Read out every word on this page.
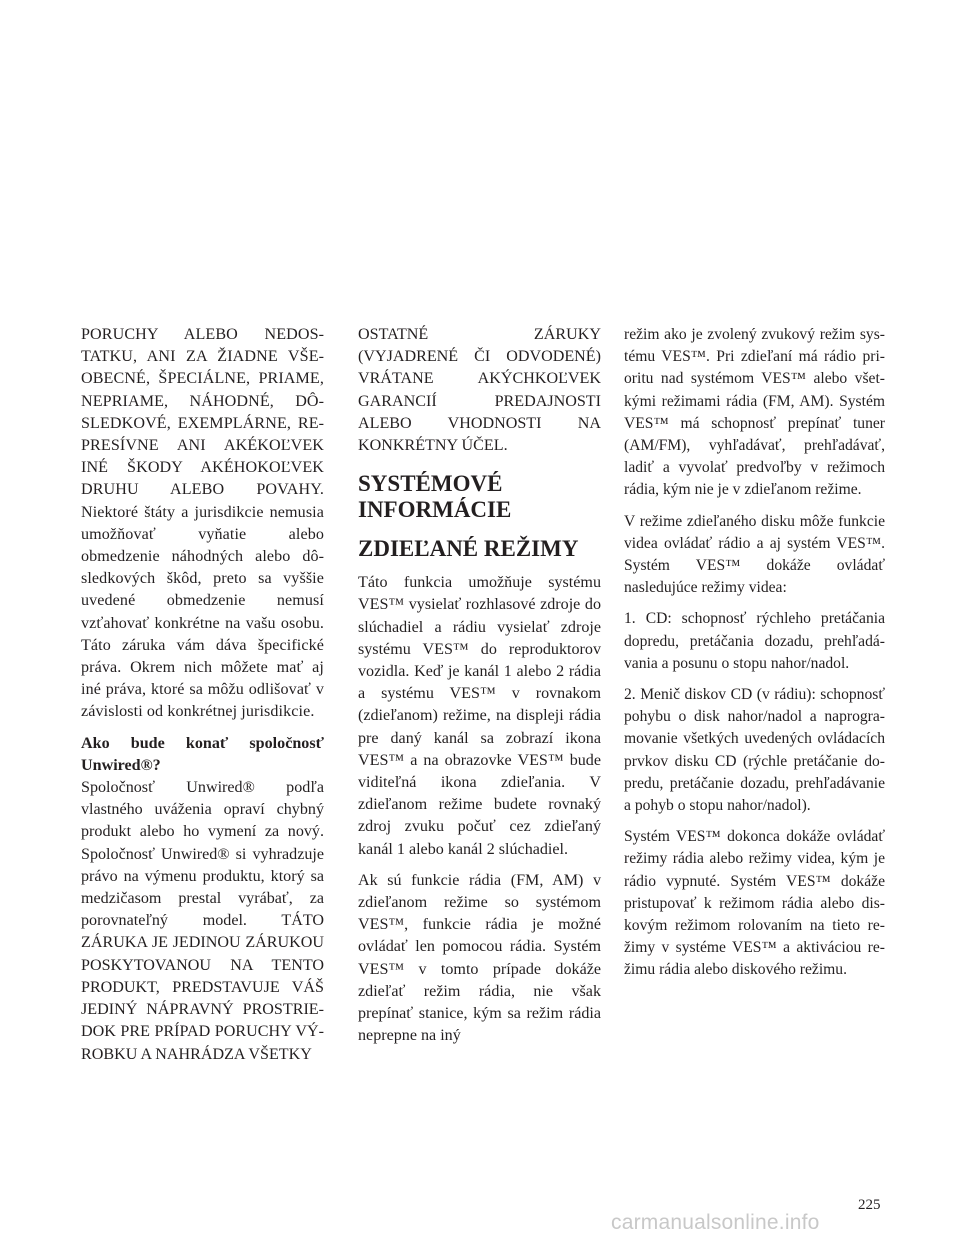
PORUCHY ALEBO NEDOSTATKU, ANI ZA ŽIADNE VŠEOBECNÉ, ŠPECIÁLNE, PRIAME, NEPRIAME, NÁHODNÉ, DÔSLEDKOVÉ, EXEMPLÁRNE, REPRESÍVNE ANI AKÉKOĽVEK INÉ ŠKODY AKÉHOKOĽVEK DRUHU ALEBO POVAHY. Niektoré štáty a jurisdikcie nemusia umožňovať vyňatie alebo obmedzenie náhodných alebo dôsledkových škôd, preto sa vyššie uvedené obmedzenie nemusí vzťahovať konkrétne na vašu osobu. Táto záruka vám dáva špecifické práva. Okrem nich môžete mať aj iné práva, ktoré sa môžu odlišovať v závislosti od konkrétnej jurisdikcie.

Ako bude konať spoločnosť Unwired®?
Spoločnosť Unwired® podľa vlastného uváženia opraví chybný produkt alebo ho vymení za nový. Spoločnosť Unwired® si vyhradzuje právo na výmenu produktu, ktorý sa medzičasom prestal vyrábať, za porovnateľný model. TÁTO ZÁRUKA JE JEDINOU ZÁRUKOU POSKYTOVANOU NA TENTO PRODUKT, PREDSTAVUJE VÁŠ JEDINÝ NÁPRAVNÝ PROSTRIEDOK PRE PRÍPAD PORUCHY VÝROBKU A NAHRÁDZA VŠETKY

OSTATNÉ ZÁRUKY (VYJADRENÉ ČI ODVODENÉ) VRÁTANE AKÝCHKOĽVEK GARANCIÍ PREDAJNOSTI ALEBO VHODNOSTI NA KONKRÉTNY ÚČEL.

SYSTÉMOVÉ INFORMÁCIE
ZDIEĽANÉ REŽIMY

Táto funkcia umožňuje systému VES™ vysielať rozhlasové zdroje do slúchadiel a rádiu vysielať zdroje systému VES™ do reproduktorov vozidla. Keď je kanál 1 alebo 2 rádia a systému VES™ v rovnakom (zdieľanom) režime, na displeji rádia pre daný kanál sa zobrazí ikona VES™ a na obrazovke VES™ bude viditeľná ikona zdieľania. V zdieľanom režime budete rovnaký zdroj zvuku počuť cez zdieľaný kanál 1 alebo kanál 2 slúchadiel.

Ak sú funkcie rádia (FM, AM) v zdieľanom režime so systémom VES™, funkcie rádia je možné ovládať len pomocou rádia. Systém VES™ v tomto prípade dokáže zdieľať režim rádia, nie však prepínať stanice, kým sa režim rádia neprepne na iný

režim ako je zvolený zvukový režim systému VES™. Pri zdieľaní má rádio prioritu nad systémom VES™ alebo všetkými režimami rádia (FM, AM). Systém VES™ má schopnosť prepínať tuner (AM/FM), vyhľadávať, prehľadávať, ladiť a vyvolať predvoľby v režimoch rádia, kým nie je v zdieľanom režime.

V režime zdieľaného disku môže funkcie videa ovládať rádio a aj systém VES™. Systém VES™ dokáže ovládať nasledujúce režimy videa:

1. CD: schopnosť rýchleho pretáčania dopredu, pretáčania dozadu, prehľadávania a posunu o stopu nahor/nadol.

2. Menič diskov CD (v rádiu): schopnosť pohybu o disk nahor/nadol a naprogramovanie všetkých uvedených ovládacích prvkov disku CD (rýchle pretáčanie dopredu, pretáčanie dozadu, prehľadávanie a pohyb o stopu nahor/nadol).

Systém VES™ dokonca dokáže ovládať režimy rádia alebo režimy videa, kým je rádio vypnuté. Systém VES™ dokáže pristupovať k režimom rádia alebo diskovým režimom rolovaním na tieto režimy v systéme VES™ a aktiváciou režimu rádia alebo diskového režimu.

225
carmanualsonline.info
